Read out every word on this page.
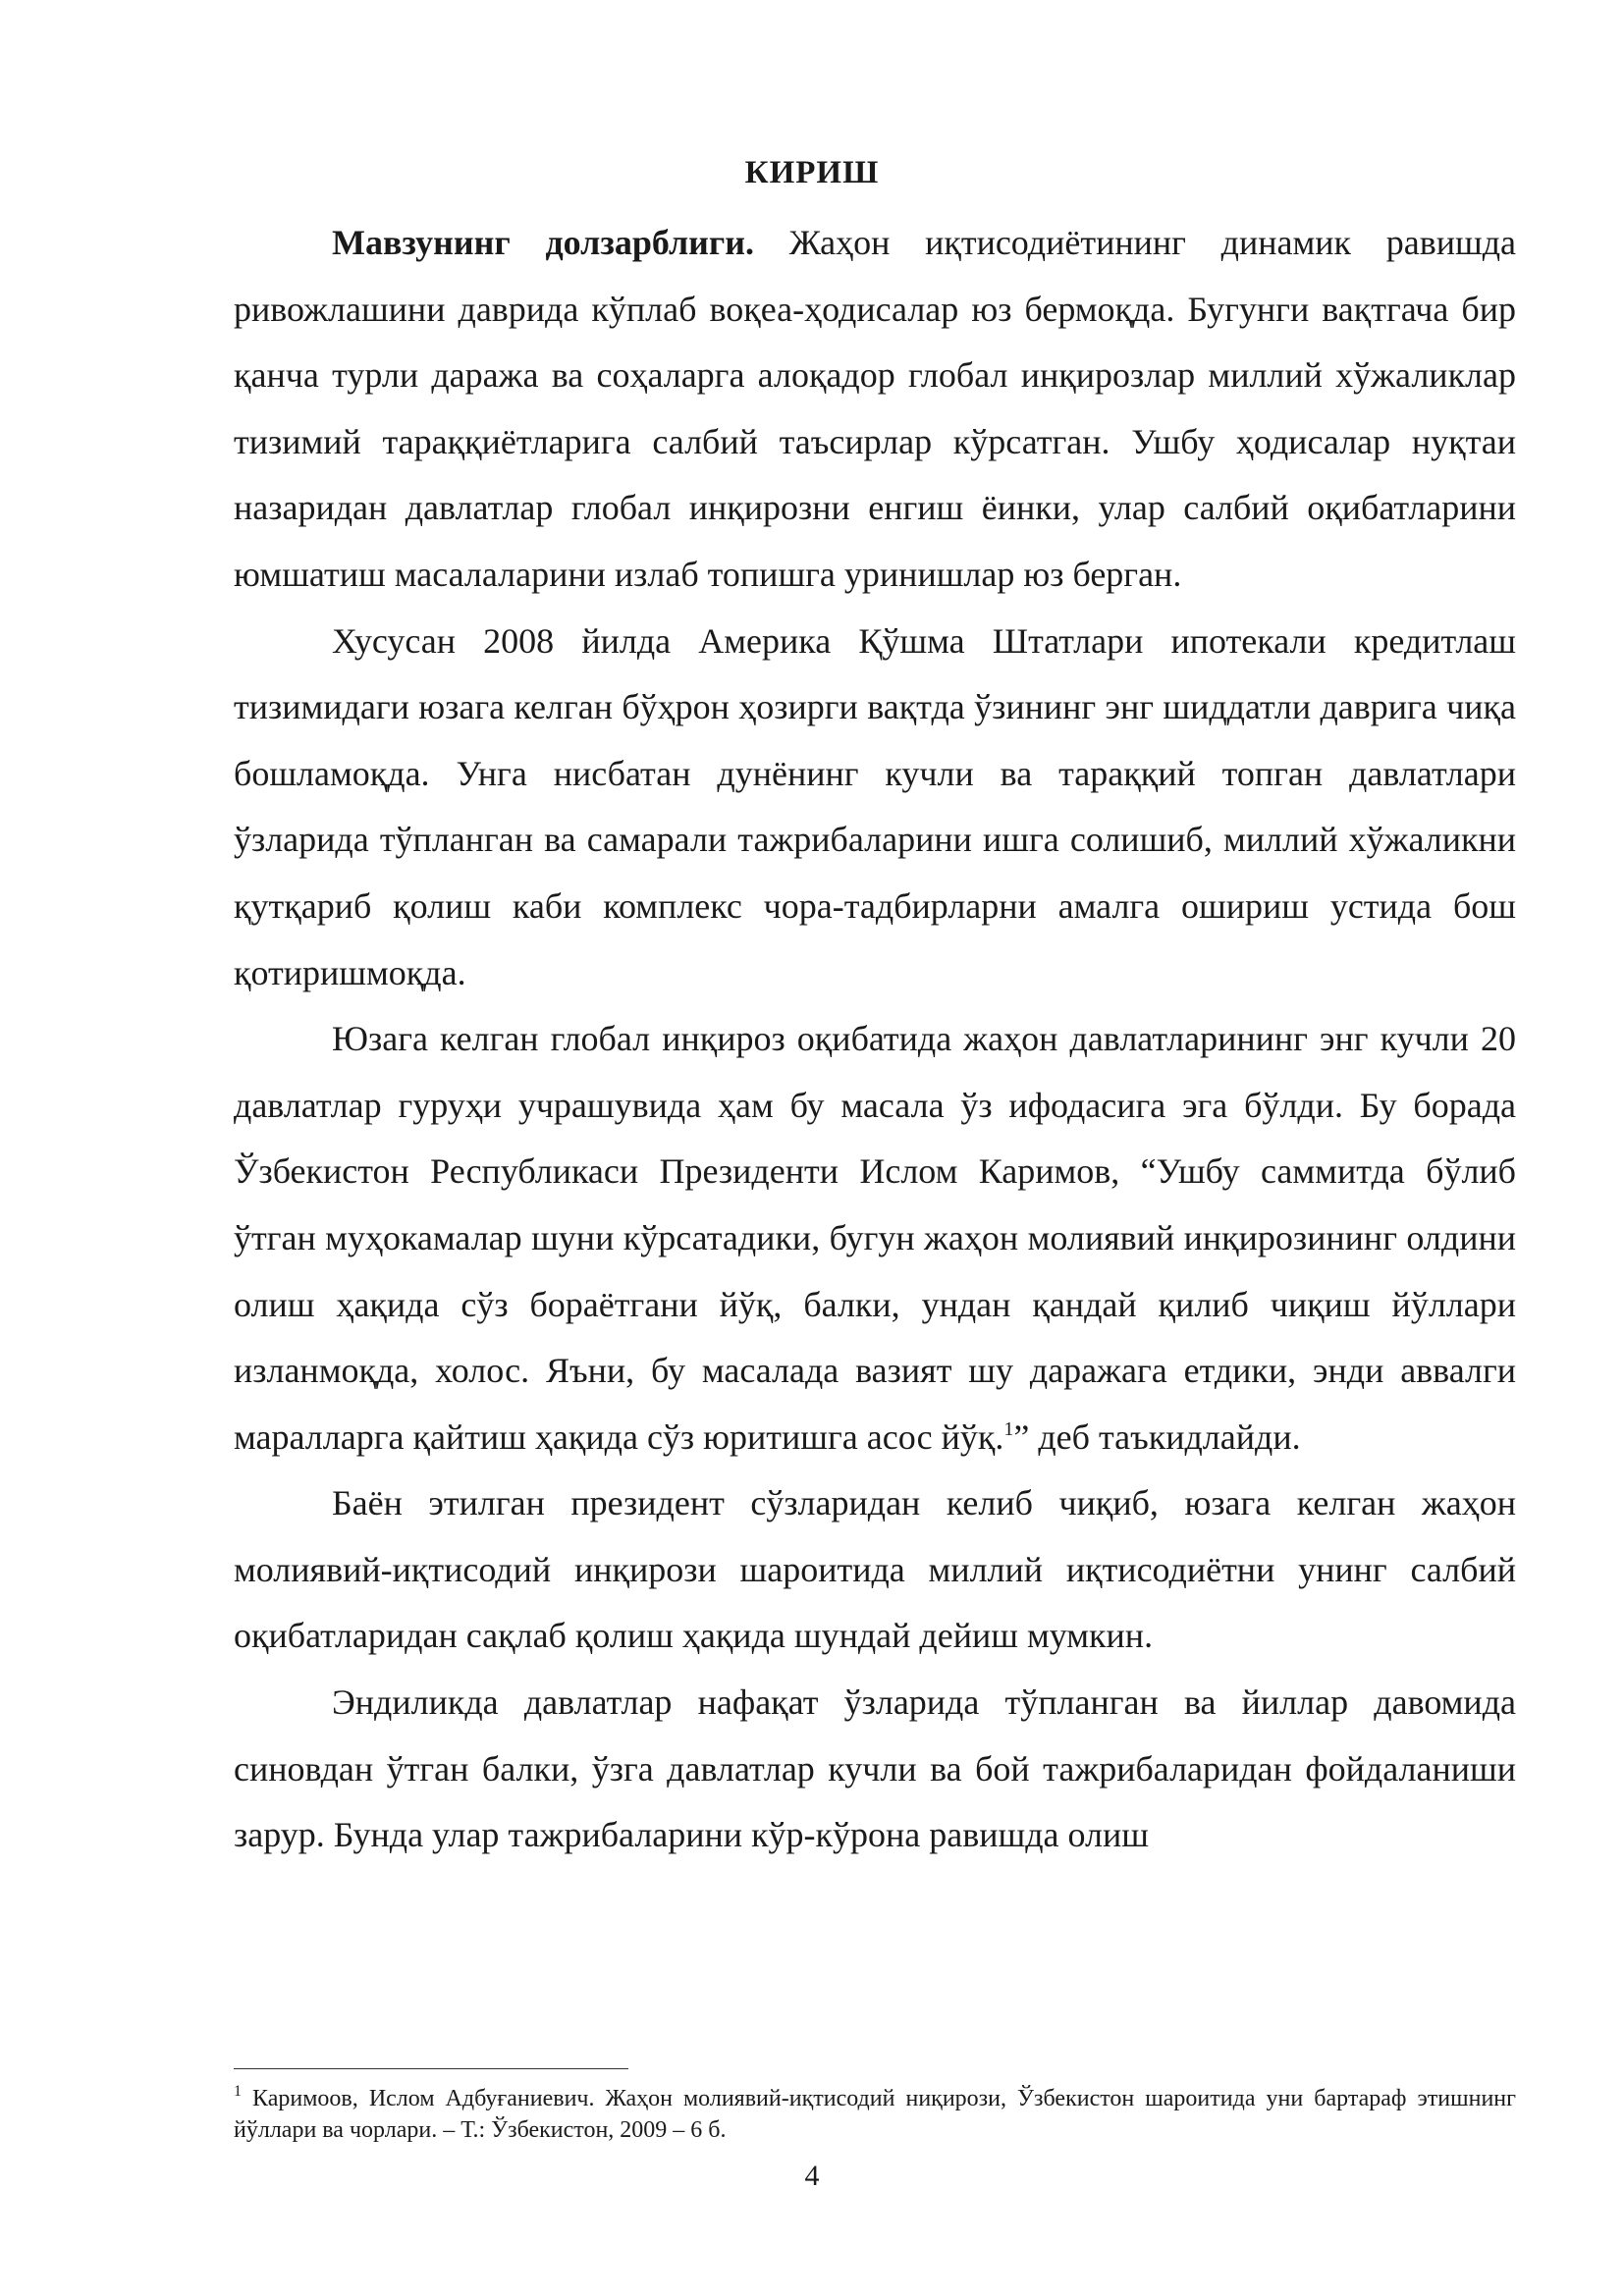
КИРИШ

Мавзунинг долзарблиги. Жаҳон иқтисодиётининг динамик равишда ривожлашини даврида кўплаб воқеа-ҳодисалар юз бермоқда. Бугунги вақтгача бир қанча турли даража ва соҳаларга алоқадор глобал инқирозлар миллий хўжаликлар тизимий тараққиётларига салбий таъсирлар кўрсатган. Ушбу ҳодисалар нуқтаи назаридан давлатлар глобал инқирозни енгиш ёинки, улар салбий оқибатларини юмшатиш масалаларини излаб топишга уринишлар юз берган.

Хусусан 2008 йилда Америка Қўшма Штатлари ипотекали кредитлаш тизимидаги юзага келган бўҳрон ҳозирги вақтда ўзининг энг шиддатли даврига чиқа бошламоқда. Унга нисбатан дунёнинг кучли ва тараққий топган давлатлари ўзларида тўпланган ва самарали тажрибаларини ишга солишиб, миллий хўжаликни қутқариб қолиш каби комплекс чора-тадбирларни амалга ошириш устида бош қотиришмоқда.

Юзага келган глобал инқироз оқибатида жаҳон давлатларининг энг кучли 20 давлатлар гуруҳи учрашувида ҳам бу масала ўз ифодасига эга бўлди. Бу борада Ўзбекистон Республикаси Президенти Ислом Каримов, “Ушбу саммитда бўлиб ўтган муҳокамалар шуни кўрсатадики, бугун жаҳон молиявий инқирозининг олдини олиш ҳақида сўз бораётгани йўқ, балки, ундан қандай қилиб чиқиш йўллари изланмоқда, холос. Яъни, бу масалада вазият шу даражага етдики, энди аввалги маралларга қайтиш ҳақида сўз юритишга асос йўқ.$^1$” деб таъкидлайди.

Баён этилган президент сўзларидан келиб чиқиб, юзага келган жаҳон молиявий-иқтисодий инқирози шароитида миллий иқтисодиётни унинг салбий оқибатларидан сақлаб қолиш ҳақида шундай дейиш мумкин.

Эндиликда давлатлар нафақат ўзларида тўпланган ва йиллар давомида синовдан ўтган балки, ўзга давлатлар кучли ва бой тажрибаларидан фойдаланиши зарур. Бунда улар тажрибаларини кўр-кўрона равишда олиш

$^1$ Каримоов, Ислом Адбуғаниевич. Жаҳон молиявий-иқтисодий ниқирози, Ўзбекистон шароитида уни бартараф этишнинг йўллари ва чорлари. – Т.: Ўзбекистон, 2009 – 6 б.

4
